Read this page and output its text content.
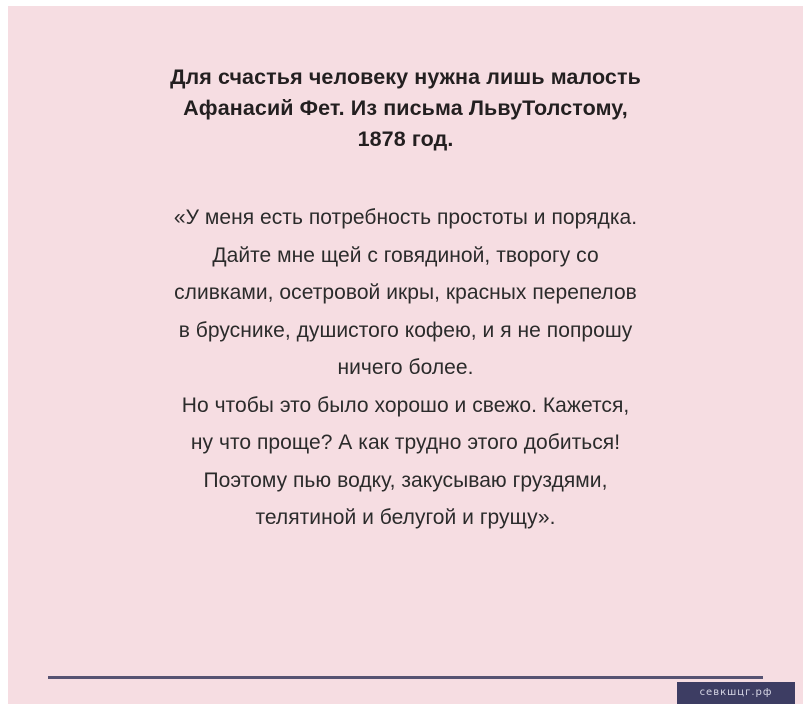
Для счастья человеку нужна лишь малость
Афанасий Фет. Из письма ЛьвуТолстому,
1878 год.
«У меня есть потребность простоты и порядка.
Дайте мне щей с говядиной, творогу со
сливками, осетровой икры, красных перепелов
в бруснике, душистого кофею, и я не попрошу
ничего более.
Но чтобы это было хорошо и свежо. Кажется,
ну что проще? А как трудно этого добиться!
Поэтому пью водку, закусываю груздями,
телятиной и белугой и грущу».
севкшцг.рф
